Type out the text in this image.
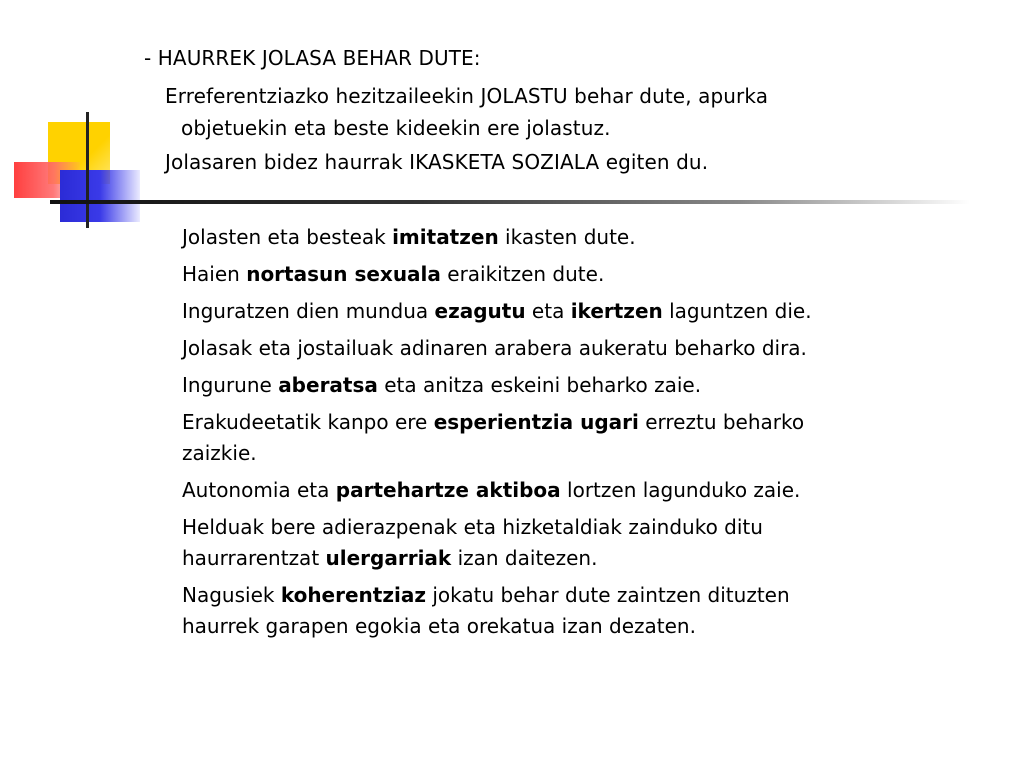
- HAURREK JOLASA BEHAR DUTE:
Erreferentziazko hezitzaileekin JOLASTU behar dute, apurka
objetuekin eta beste kideekin ere jolastuz.
Jolasaren bidez haurrak IKASKETA SOZIALA egiten du.
Jolasten eta besteak imitatzen ikasten dute.
Haien nortasun sexuala eraikitzen dute.
Inguratzen dien mundua ezagutu eta ikertzen laguntzen die.
Jolasak eta jostailuak adinaren arabera aukeratu beharko dira.
Ingurune aberatsa eta anitza eskeini beharko zaie.
Erakudeetatik kanpo ere esperientzia ugari erreztu beharko
zaizkie.
Autonomia eta partehartze aktiboa lortzen lagunduko zaie.
Helduak bere adierazpenak eta hizketaldiak zainduko ditu
haurrarentzat ulergarriak izan daitezen.
Nagusiek koherentziaz jokatu behar dute zaintzen dituzten
haurrek garapen egokia eta orekatua izan dezaten.
